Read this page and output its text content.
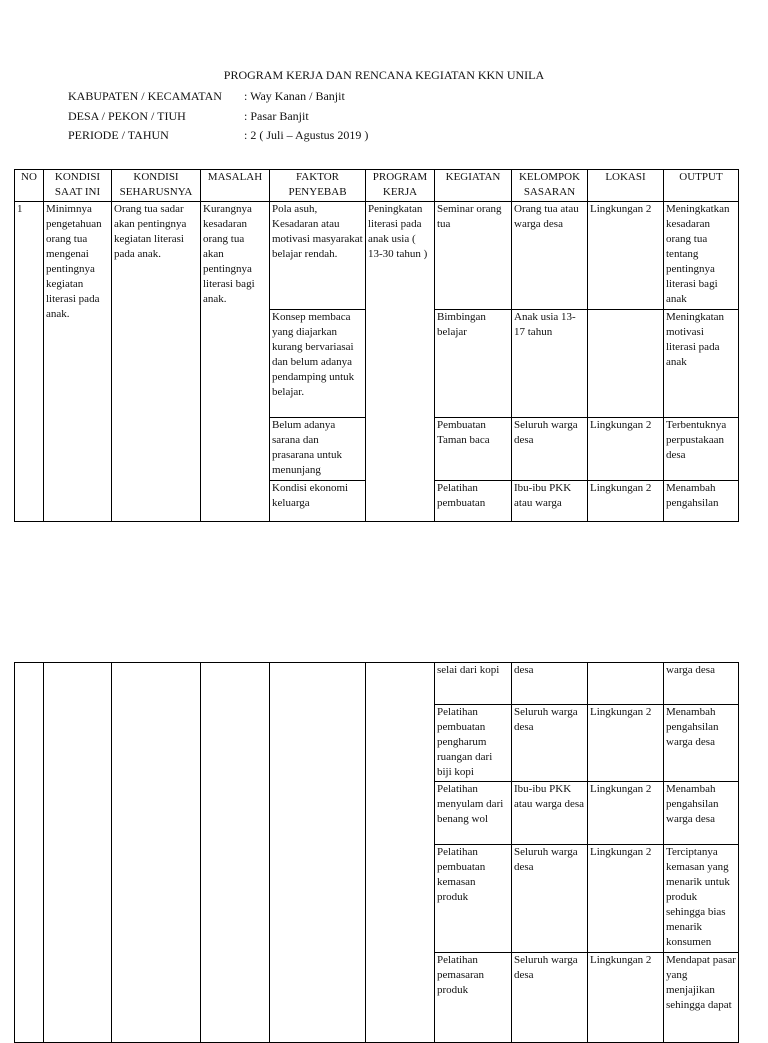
PROGRAM KERJA DAN RENCANA KEGIATAN KKN UNILA
KABUPATEN / KECAMATAN : Way Kanan / Banjit
DESA / PEKON / TIUH	: Pasar Banjit
PERIODE / TAHUN	: 2 ( Juli – Agustus 2019 )
NO	KONDISI SAAT INI	KONDISI SEHARUSNYA	MASALAH	FAKTOR PENYEBAB	PROGRAM KERJA	KEGIATAN	KELOMPOK SASARAN	LOKASI	OUTPUT
1	Minimnya pengetahuan orang tua mengenai pentingnya kegiatan literasi pada anak.	Orang tua sadar akan pentingnya kegiatan literasi pada anak.	Kurangnya kesadaran orang tua akan pentingnya literasi bagi anak.	Pola asuh, Kesadaran atau motivasi masyarakat belajar rendah.	Peningkatan literasi pada anak usia ( 13-30 tahun )	Seminar orang tua	Orang tua atau warga desa	Lingkungan 2	Meningkatkan kesadaran orang tua tentang pentingnya literasi bagi anak
				Konsep membaca yang diajarkan kurang bervariasai dan belum adanya pendamping untuk belajar.		Bimbingan belajar	Anak usia 13-17 tahun		Meningkatan motivasi literasi pada anak
				Belum adanya sarana dan prasarana untuk menunjang		Pembuatan Taman baca	Seluruh warga desa	Lingkungan 2	Terbentuknya perpustakaan desa
				Kondisi ekonomi keluarga		Pelatihan pembuatan	Ibu-ibu PKK atau warga	Lingkungan 2	Menambah pengahsilan
						selai dari kopi	desa		warga desa
						Pelatihan pembuatan pengharum ruangan dari biji kopi	Seluruh warga desa	Lingkungan 2	Menambah pengahsilan warga desa
						Pelatihan menyulam dari benang wol	Ibu-ibu PKK atau warga desa	Lingkungan 2	Menambah pengahsilan warga desa
						Pelatihan pembuatan kemasan produk	Seluruh warga desa	Lingkungan 2	Terciptanya kemasan yang menarik untuk produk sehingga bias menarik konsumen
						Pelatihan pemasaran produk	Seluruh warga desa	Lingkungan 2	Mendapat pasar yang menjajikan sehingga dapat
